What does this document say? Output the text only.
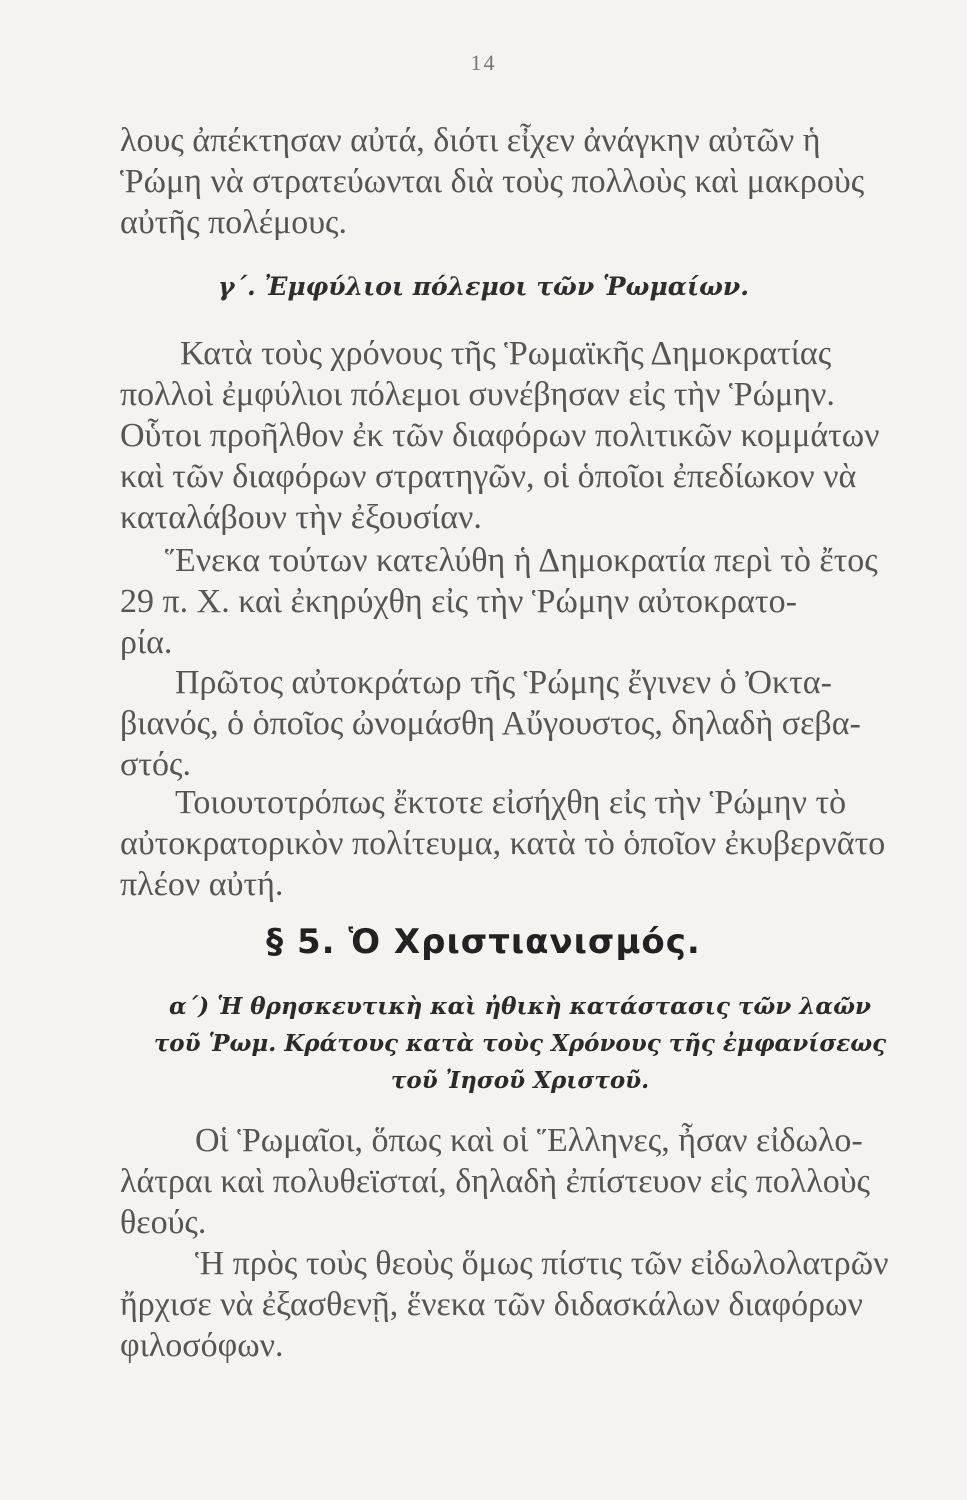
14
λους ἀπέκτησαν αὐτά, διότι εἶχεν ἀνάγκην αὐτῶν ἡ
Ῥώμη νὰ στρατεύωνται διὰ τοὺς πολλοὺς καὶ μακροὺς
αὐτῆς πολέμους.
γ΄. Ἐμφύλιοι πόλεμοι τῶν Ῥωμαίων.
Κατὰ τοὺς χρόνους τῆς Ῥωμαϊκῆς Δημοκρατίας
πολλοὶ ἐμφύλιοι πόλεμοι συνέβησαν εἰς τὴν Ῥώμην.
Οὗτοι προῆλθον ἐκ τῶν διαφόρων πολιτικῶν κομμάτων
καὶ τῶν διαφόρων στρατηγῶν, οἱ ὁποῖοι ἐπεδίωκον νὰ
καταλάβουν τὴν ἐξουσίαν.
Ἕνεκα τούτων κατελύθη ἡ Δημοκρατία περὶ τὸ ἔτος
29 π. Χ. καὶ ἐκηρύχθη εἰς τὴν Ῥώμην αὐτοκρατο-
ρία.
Πρῶτος αὐτοκράτωρ τῆς Ῥώμης ἔγινεν ὁ Ὀκτα-
βιανός, ὁ ὁποῖος ὠνομάσθη Αὔγουστος, δηλαδὴ σεβα-
στός.
Τοιουτοτρόπως ἔκτοτε εἰσήχθη εἰς τὴν Ῥώμην τὸ
αὐτοκρατορικὸν πολίτευμα, κατὰ τὸ ὁποῖον ἐκυβερνᾶτο
πλέον αὐτή.
§ 5. Ὁ Χριστιανισμός.
α΄) Ἡ θρησκευτικὴ καὶ ἠθικὴ κατάστασις τῶν λαῶν
τοῦ Ῥωμ. Κράτους κατὰ τοὺς Χρόνους τῆς ἐμφανίσεως
τοῦ Ἰησοῦ Χριστοῦ.
Οἱ Ῥωμαῖοι, ὅπως καὶ οἱ Ἕλληνες, ἦσαν εἰδωλο-
λάτραι καὶ πολυθεϊσταί, δηλαδὴ ἐπίστευον εἰς πολλοὺς
θεούς.
Ἡ πρὸς τοὺς θεοὺς ὅμως πίστις τῶν εἰδωλολατρῶν
ἤρχισε νὰ ἐξασθενῇ, ἕνεκα τῶν διδασκάλων διαφόρων
φιλοσόφων.
